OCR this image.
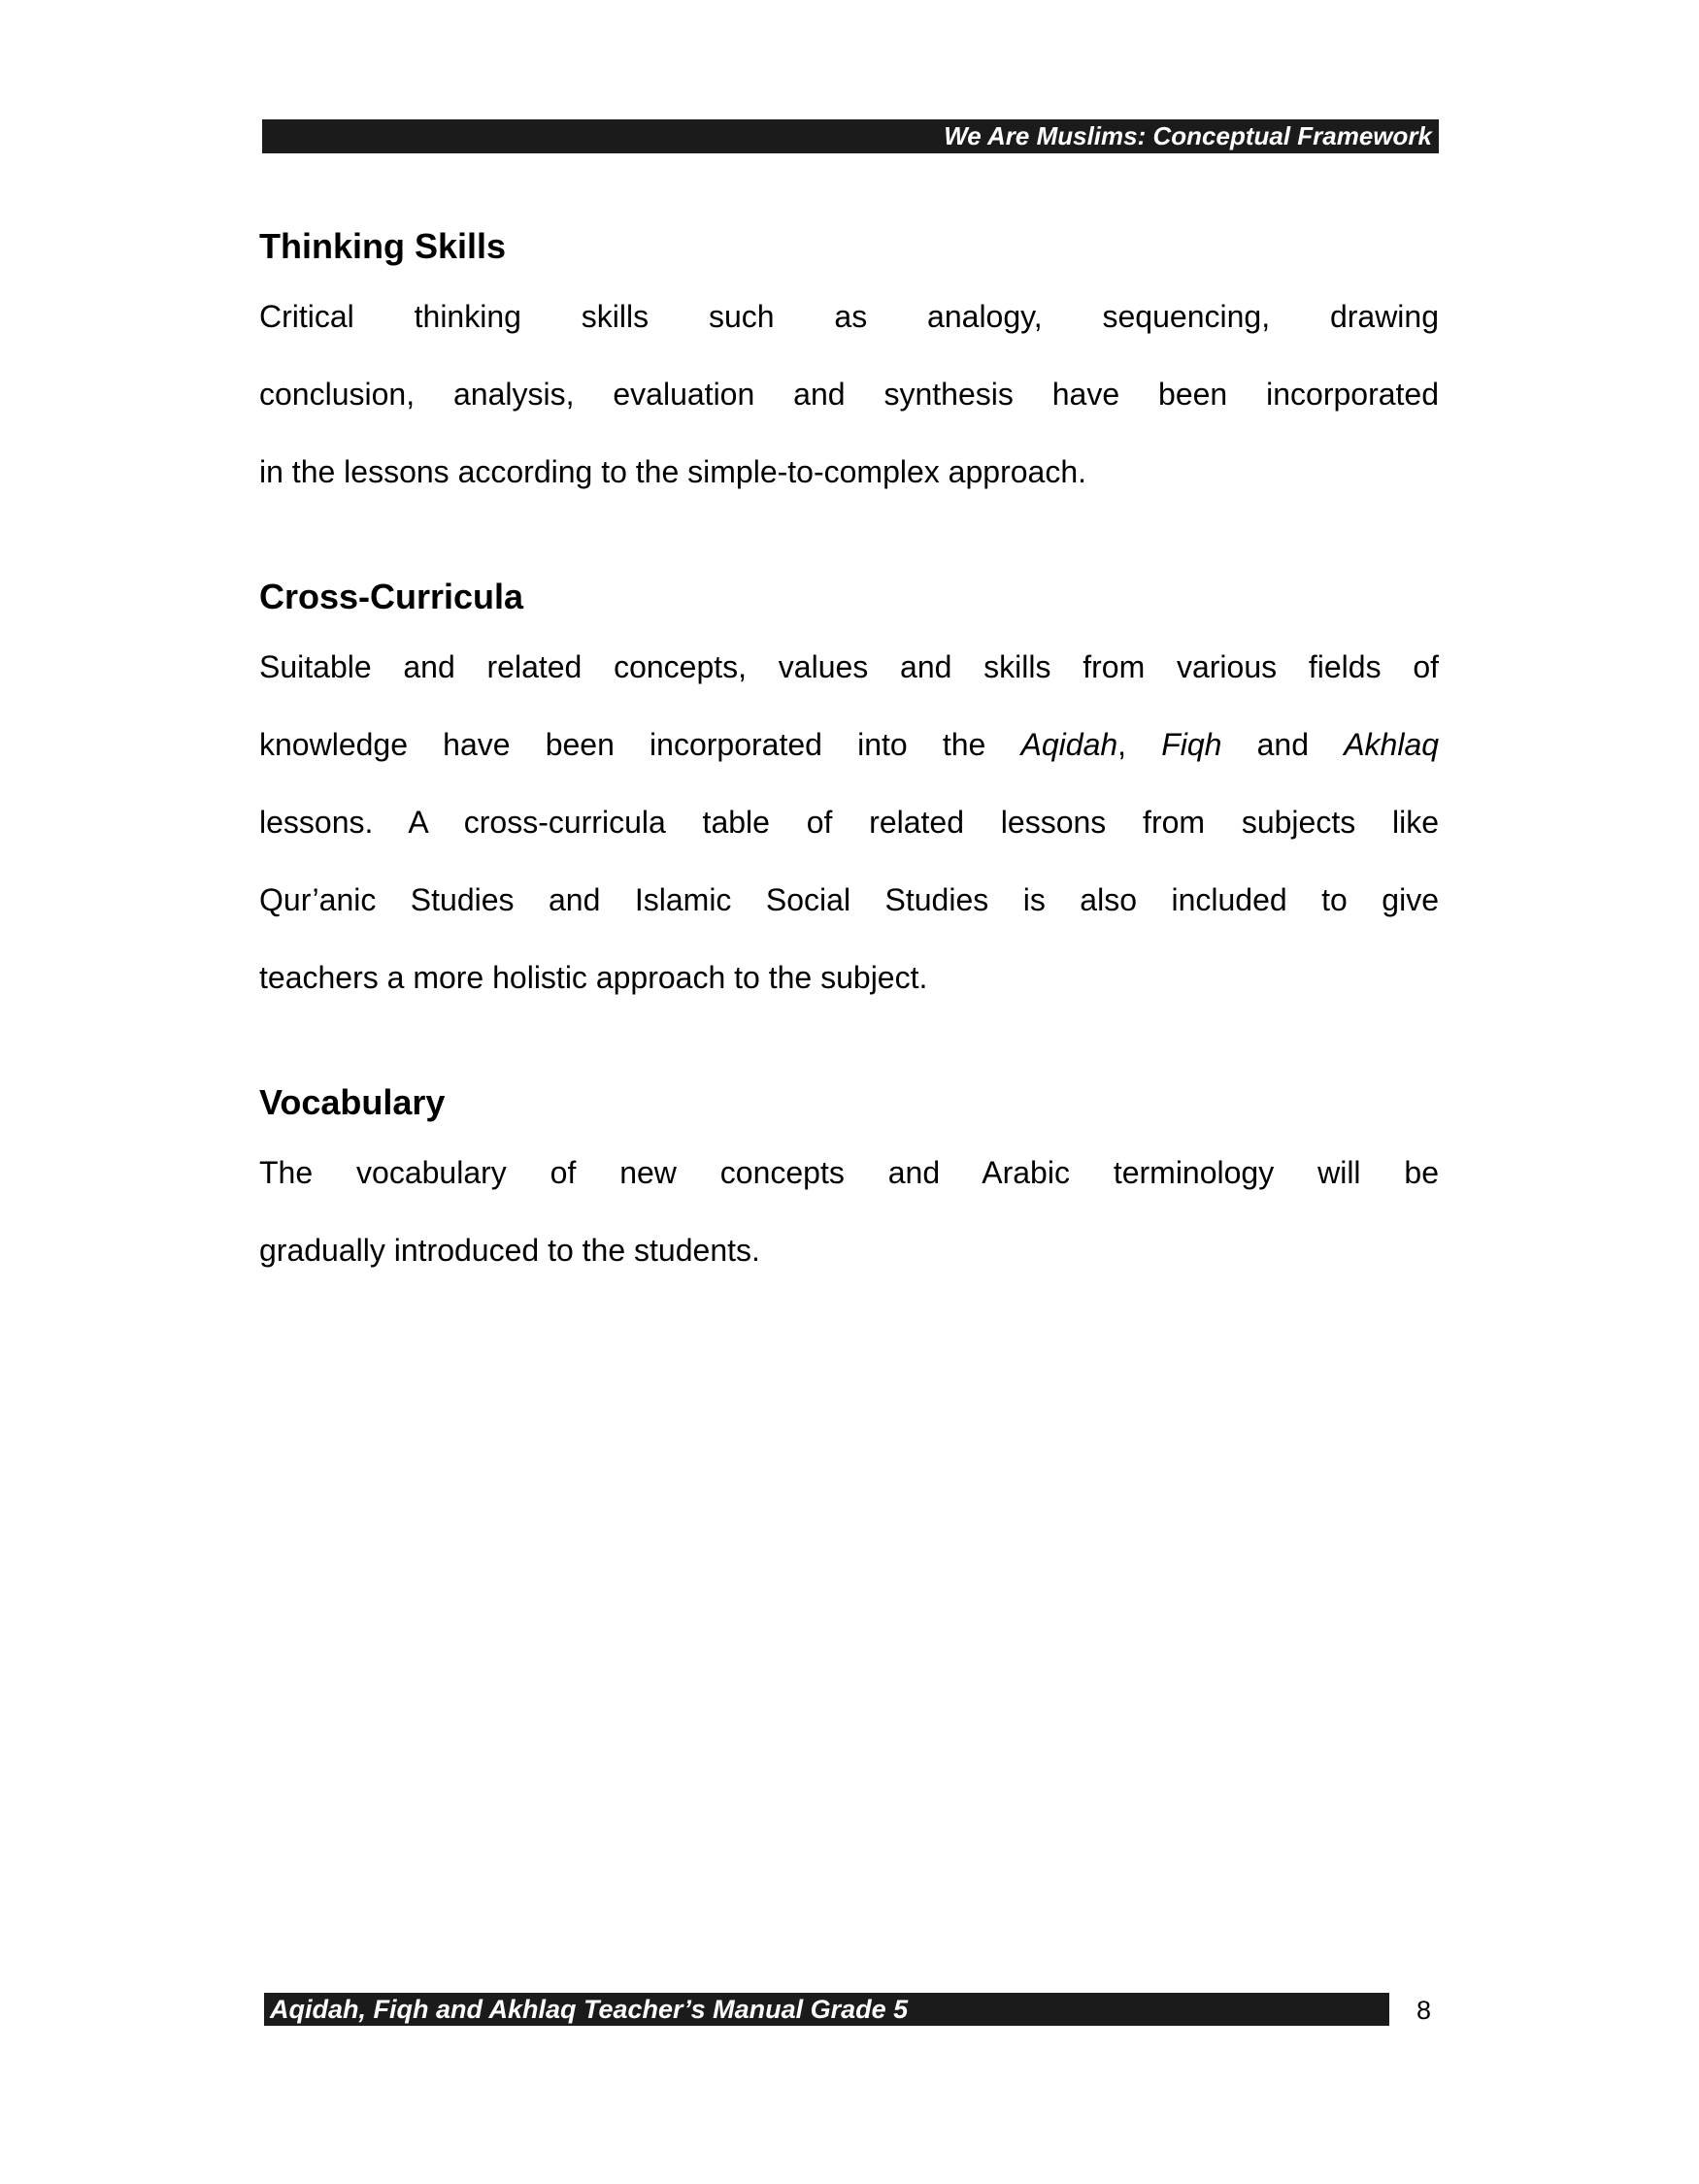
We Are Muslims: Conceptual Framework
Thinking Skills
Critical thinking skills such as analogy, sequencing, drawing
conclusion, analysis, evaluation and synthesis have been incorporated
in the lessons according to the simple-to-complex approach.
Cross-Curricula
Suitable and related concepts, values and skills from various fields of
knowledge have been incorporated into the Aqidah, Fiqh and Akhlaq
lessons. A cross-curricula table of related lessons from subjects like
Qur’anic Studies and Islamic Social Studies is also included to give
teachers a more holistic approach to the subject.
Vocabulary
The vocabulary of new concepts and Arabic terminology will be
gradually introduced to the students.
Aqidah, Fiqh and Akhlaq Teacher’s Manual Grade 5	8
